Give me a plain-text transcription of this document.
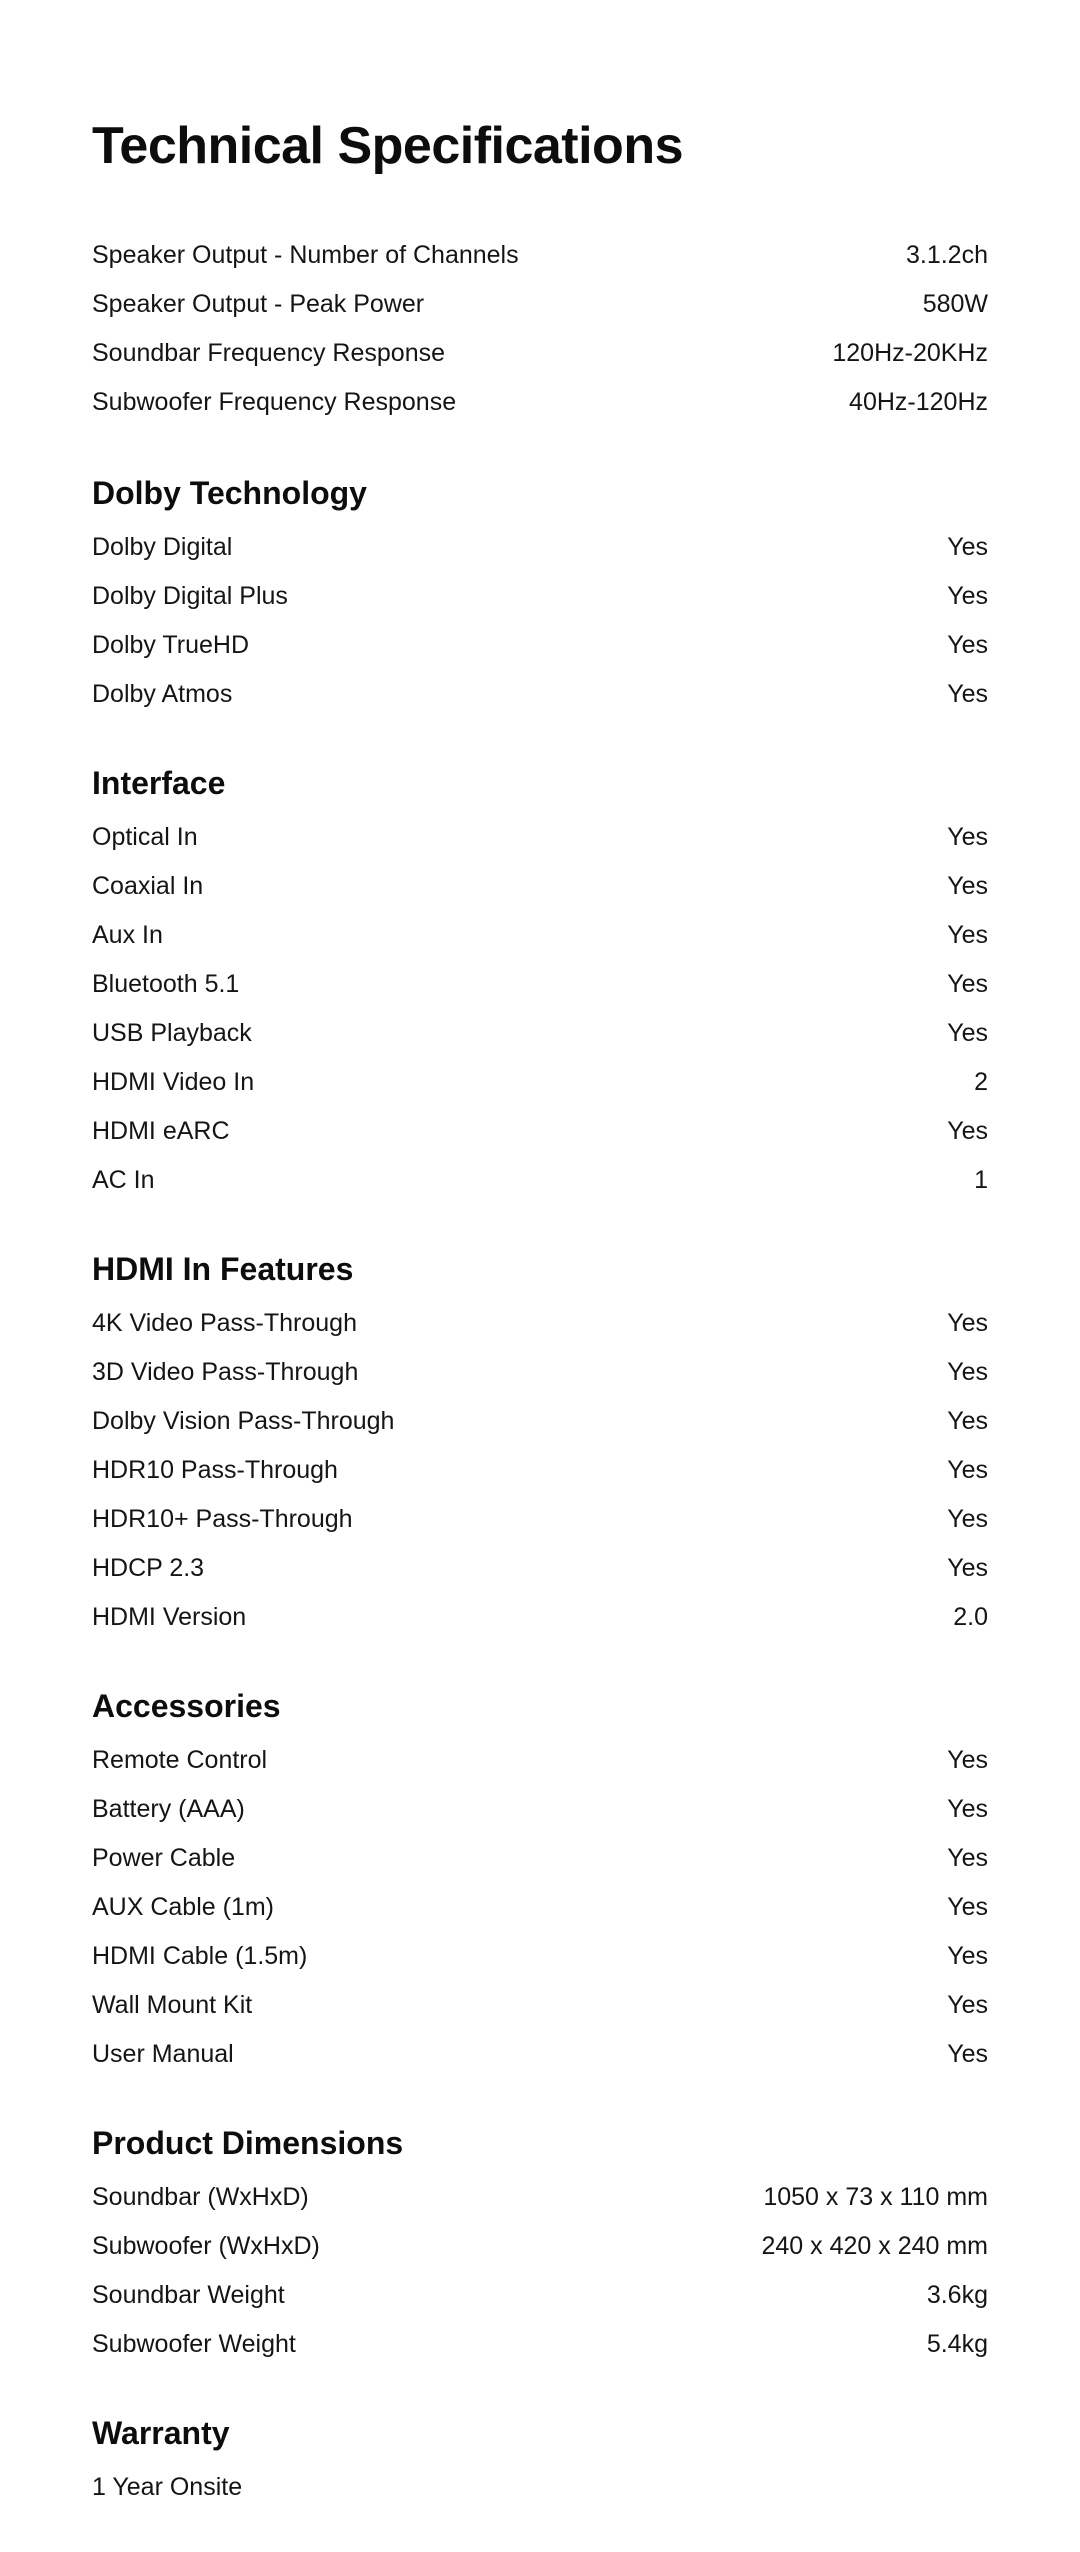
Technical Specifications
Speaker Output - Number of Channels	3.1.2ch
Speaker Output - Peak Power	580W
Soundbar Frequency Response	120Hz-20KHz
Subwoofer Frequency Response	40Hz-120Hz
Dolby Technology
Dolby Digital	Yes
Dolby Digital Plus	Yes
Dolby TrueHD	Yes
Dolby Atmos	Yes
Interface
Optical In	Yes
Coaxial In	Yes
Aux In	Yes
Bluetooth 5.1	Yes
USB Playback	Yes
HDMI Video In	2
HDMI eARC	Yes
AC In	1
HDMI In Features
4K Video Pass-Through	Yes
3D Video Pass-Through	Yes
Dolby Vision Pass-Through	Yes
HDR10 Pass-Through	Yes
HDR10+ Pass-Through	Yes
HDCP 2.3	Yes
HDMI Version	2.0
Accessories
Remote Control	Yes
Battery (AAA)	Yes
Power Cable	Yes
AUX Cable (1m)	Yes
HDMI Cable (1.5m)	Yes
Wall Mount Kit	Yes
User Manual	Yes
Product Dimensions
Soundbar (WxHxD)	1050 x 73 x 110 mm
Subwoofer (WxHxD)	240 x 420 x 240 mm
Soundbar Weight	3.6kg
Subwoofer Weight	5.4kg
Warranty
1 Year Onsite
